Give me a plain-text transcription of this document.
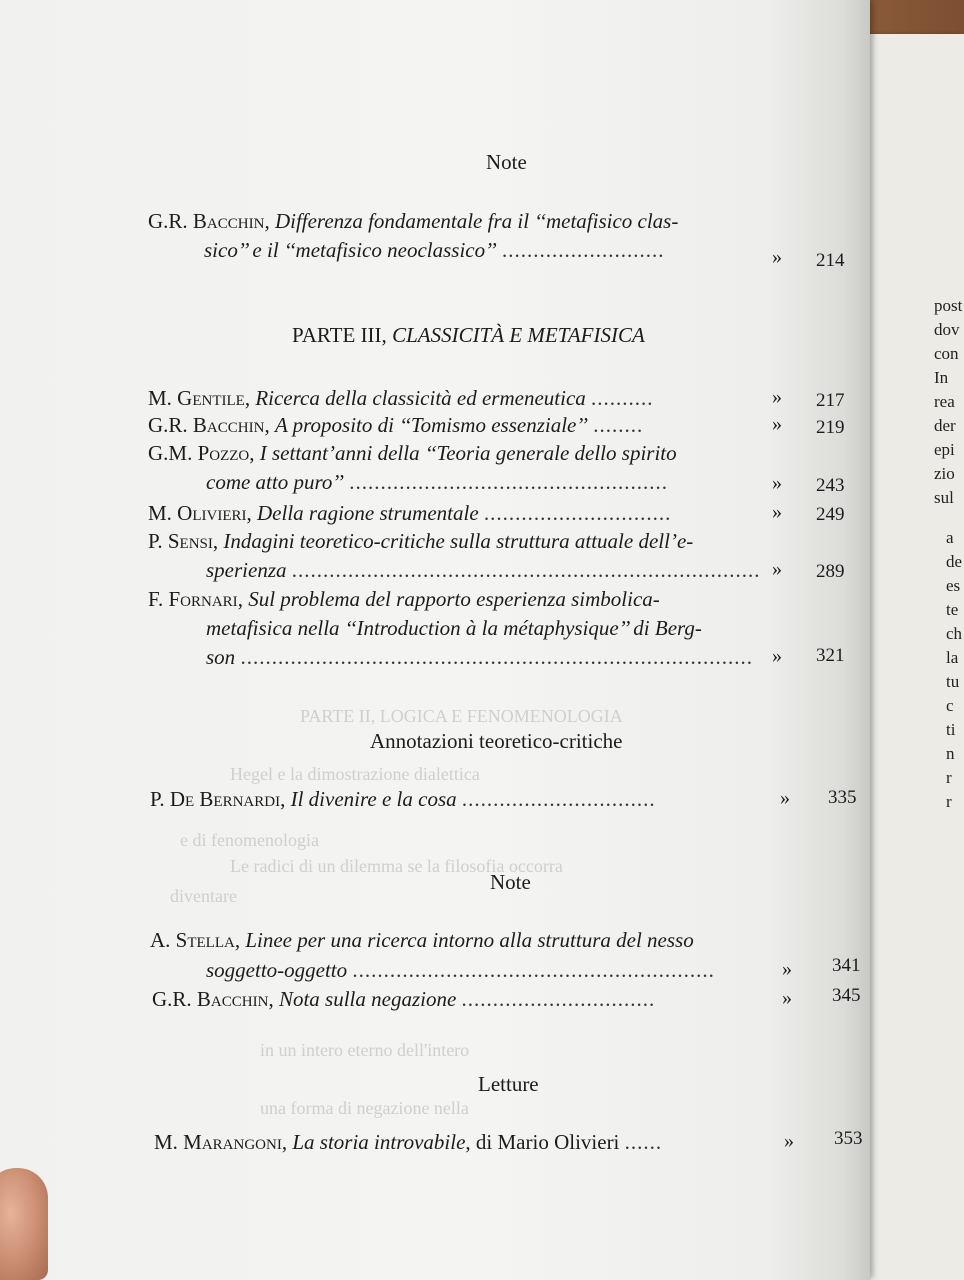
post
dov
con
In
rea
der
epi
zio
sul
a
de
es
te
ch
la
tu
c
ti
n
r
r
PARTE II, LOGICA E FENOMENOLOGIA
Hegel e la dimostrazione dialettica
e di fenomenologia
Le radici di un dilemma se la filosofia occorra
diventare
in un intero eterno dell'intero
una forma di negazione nella
Note
G.R. Bacchin, Differenza fondamentale fra il ‘‘metafisico clas-
sico’’ e il ‘‘metafisico neoclassico’’ ..........................	» 214
PARTE III, CLASSICITÀ E METAFISICA
M. Gentile, Ricerca della classicità ed ermeneutica ..........	» 217
G.R. Bacchin, A proposito di ‘‘Tomismo essenziale’’ ........	» 219
G.M. Pozzo, I settant’anni della ‘‘Teoria generale dello spirito
come atto puro’’ ...................................................	» 243
M. Olivieri, Della ragione strumentale ..............................	» 249
P. Sensi, Indagini teoretico-critiche sulla struttura attuale dell’e-
sperienza ........................................................................... » 289
F. Fornari, Sul problema del rapporto esperienza simbolica-
metafisica nella ‘‘Introduction à la métaphysique’’ di Berg-
son .................................................................................. » 321
Annotazioni teoretico-critiche
P. De Bernardi, Il divenire e la cosa ...............................	» 335
Note
A. Stella, Linee per una ricerca intorno alla struttura del nesso
soggetto-oggetto ..........................................................	» 341
G.R. Bacchin, Nota sulla negazione ...............................	» 345
Letture
M. Marangoni, La storia introvabile, di Mario Olivieri ......	» 353
